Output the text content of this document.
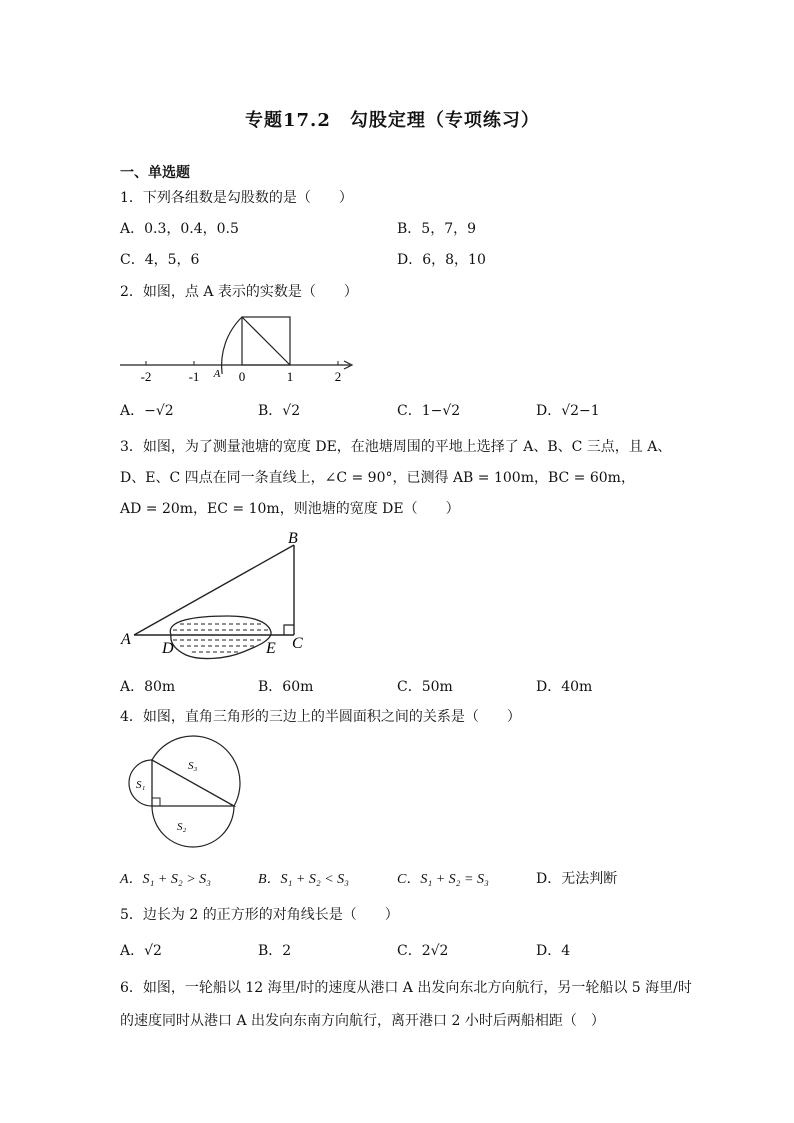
专题17.2　勾股定理（专项练习）
一、单选题
1．下列各组数是勾股数的是（　　）
A．0.3，0.4，0.5	B．5，7，9
C．4，5，6	D．6，8，10
2．如图，点 A 表示的实数是（　　）
-2	-1	0	1	2
A
A．−√2	B．√2	C．1−√2	D．√2−1
3．如图，为了测量池塘的宽度 DE，在池塘周围的平地上选择了 A、B、C 三点，且 A、
D、E、C 四点在同一条直线上，∠C = 90°，已测得 AB = 100m，BC = 60m，
AD = 20m，EC = 10m，则池塘的宽度 DE（　　）
A
B
C
D	E
A．80m	B．60m	C．50m	D．40m
4．如图，直角三角形的三边上的半圆面积之间的关系是（　　）
S₃
S₁
S₂
A．S₁ + S₂ > S₃	B．S₁ + S₂ < S₃	C．S₁ + S₂ = S₃	D．无法判断
5．边长为 2 的正方形的对角线长是（　　）
A．√2	B．2	C．2√2	D．4
6．如图，一轮船以 12 海里/时的速度从港口 A 出发向东北方向航行，另一轮船以 5 海里/时
的速度同时从港口 A 出发向东南方向航行，离开港口 2 小时后两船相距（　）
